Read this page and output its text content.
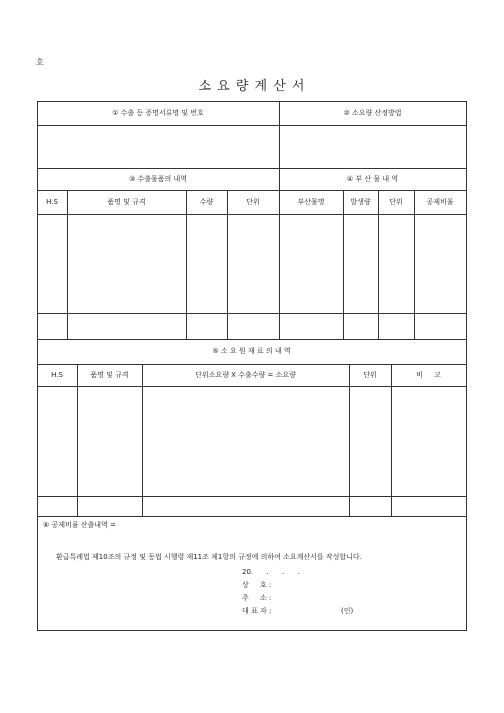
호
소 요 량 계 산 서
① 수출 등 증명서류명 및 번호	② 소요량 산정방법
③ 수출물품의 내역	④ 부 산 물 내 역
H.S	품명 및 규격	수량	단위	부산물명	발생량	단위	공제비율
⑤ 소 요 원 재 료 의 내 역
H.S	품명 및 규격	단위소요량 X 수출수량 = 소요량	단위	비     고
⑥ 공제비율 산출내역 =
환급특례법 제10조의 규정 및 동법 시행령 제11조 제1항의 규정에 의하여 소요계산서를 작성합니다.
20.      .      .      .
상     호 :
주     소 :
대 표 자 :	(인)
